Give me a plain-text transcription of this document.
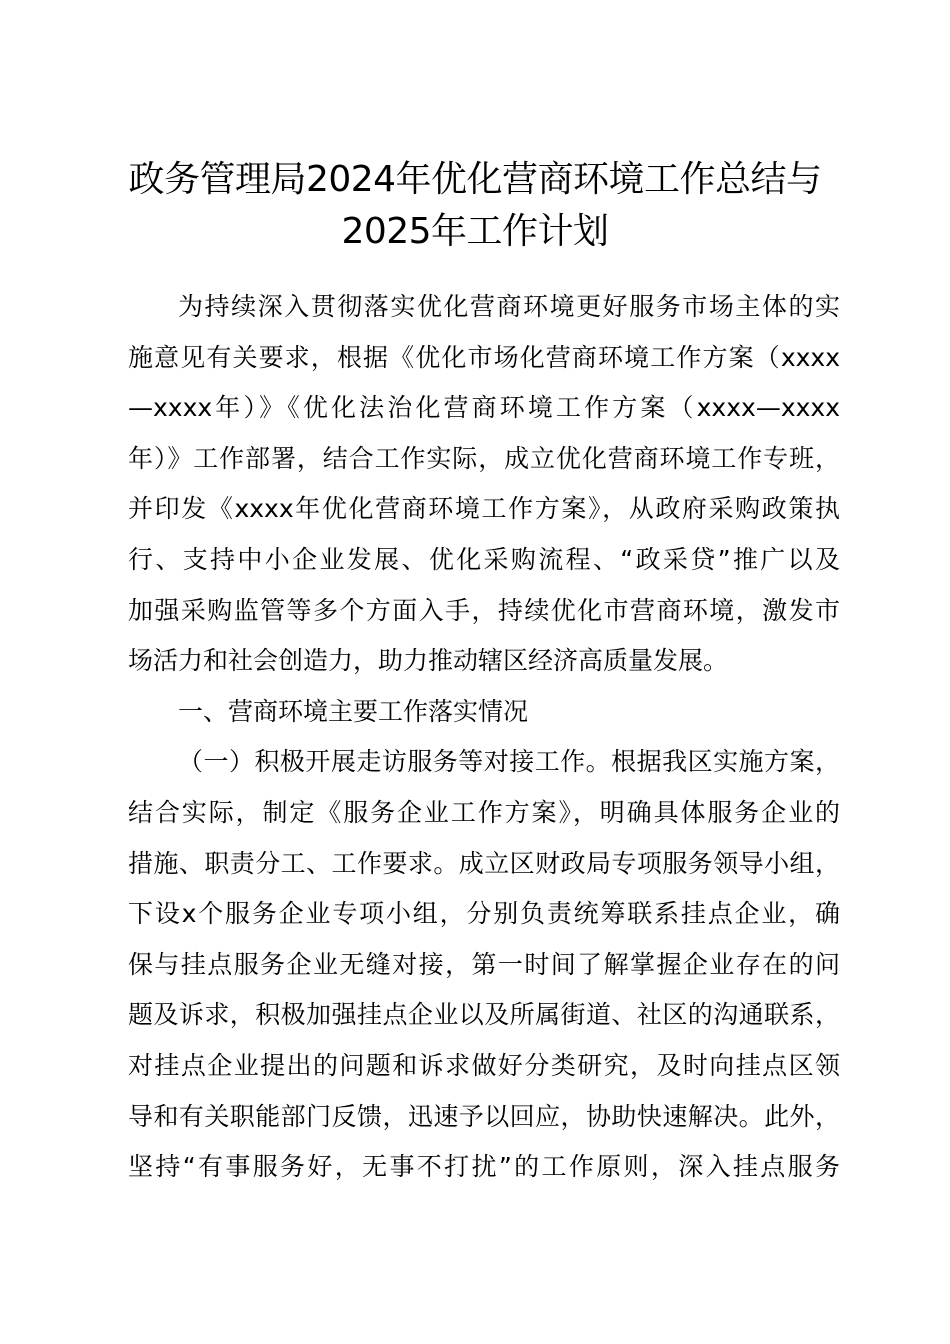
政务管理局2024年优化营商环境工作总结与
2025年工作计划
为持续深入贯彻落实优化营商环境更好服务市场主体的实
施意见有关要求，根据《优化市场化营商环境工作方案（xxxx
—xxxx年）》《优化法治化营商环境工作方案（xxxx—xxxx
年）》工作部署，结合工作实际，成立优化营商环境工作专班，
并印发《xxxx年优化营商环境工作方案》，从政府采购政策执
行、支持中小企业发展、优化采购流程、“政采贷”推广以及
加强采购监管等多个方面入手，持续优化市营商环境，激发市
场活力和社会创造力，助力推动辖区经济高质量发展。
一、营商环境主要工作落实情况
（一）积极开展走访服务等对接工作。根据我区实施方案，
结合实际，制定《服务企业工作方案》，明确具体服务企业的
措施、职责分工、工作要求。成立区财政局专项服务领导小组，
下设x个服务企业专项小组，分别负责统筹联系挂点企业，确
保与挂点服务企业无缝对接，第一时间了解掌握企业存在的问
题及诉求，积极加强挂点企业以及所属街道、社区的沟通联系，
对挂点企业提出的问题和诉求做好分类研究，及时向挂点区领
导和有关职能部门反馈，迅速予以回应，协助快速解决。此外，
坚持“有事服务好，无事不打扰”的工作原则，深入挂点服务
